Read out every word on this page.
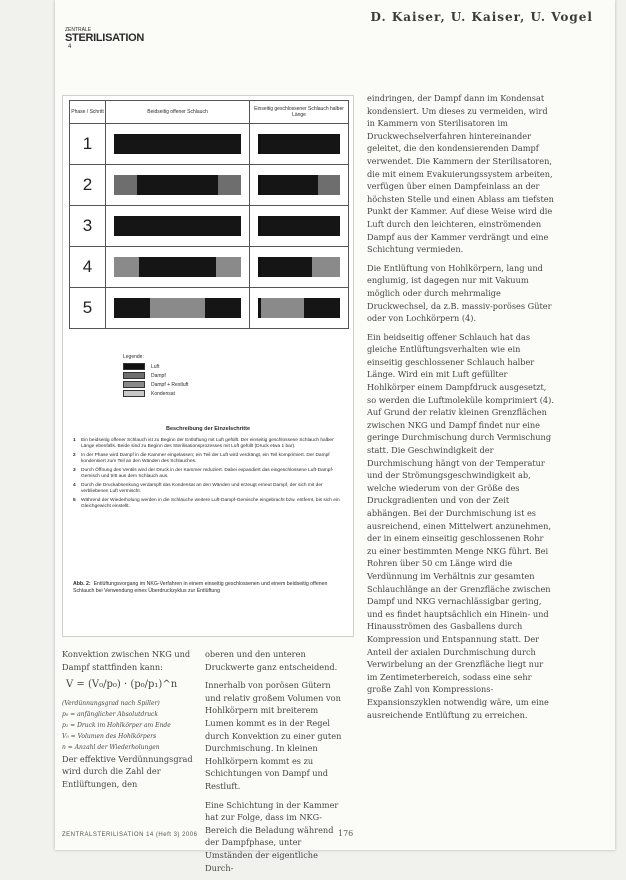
D. Kaiser, U. Kaiser, U. Vogel
ZENTRALE
STERILISATION
4
Phase / Schritt	Beidseitig offener Schlauch	Einseitig geschlossener Schlauch halber Länge
1
2
3
4
5
Legende:
Luft
Dampf
Dampf + Restluft
Kondensat
Beschreibung der Einzelschritte
1	Ein beidseitig offener Schlauch ist zu Beginn der Entlüftung mit Luft gefüllt. Der einseitig geschlossene Schlauch halber Länge ebenfalls. Beide sind zu Beginn des Sterilisationsprozesses mit Luft gefüllt (Druck etwa 1 bar).
2	In der Phase wird Dampf in die Kammer eingelassen; ein Teil der Luft wird verdrängt, ein Teil komprimiert. Der Dampf kondensiert zum Teil an den Wänden des Schlauches.
3	Durch Öffnung des Ventils wird der Druck in der Kammer reduziert. Dabei expandiert das eingeschlossene Luft-Dampf-Gemisch und tritt aus dem Schlauch aus.
4	Durch die Druckabsenkung verdampft das Kondensat an den Wänden und erzeugt erneut Dampf, der sich mit der verbliebenen Luft vermischt.
5	Während der Wiederholung werden in die Schläuche weitere Luft-Dampf-Gemische eingebracht bzw. entfernt, bis sich ein Gleichgewicht einstellt.
Abb. 2: Entlüftungsvorgang im NKG-Verfahren in einem einseitig geschlossenen und einem beidseitig offenen Schlauch bei Verwendung eines Überdruckzyklus zur Entlüftung

eindringen, der Dampf dann im Kondensat kondensiert. Um dieses zu vermeiden, wird in Kammern von Sterilisatoren im Druckwechselverfahren hintereinander geleitet, die den kondensierenden Dampf verwendet. Die Kammern der Sterilisatoren, die mit einem Evakuierungssystem arbeiten, verfügen über einen Dampfeinlass an der höchsten Stelle und einen Ablass am tiefsten Punkt der Kammer. Auf diese Weise wird die Luft durch den leichteren, einströmenden Dampf aus der Kammer verdrängt und eine Schichtung vermieden.

Die Entlüftung von Hohlkörpern, lang und englumig, ist dagegen nur mit Vakuum möglich oder durch mehrmalige Druckwechsel, da z.B. massiv-poröses Güter oder von Lochkörpern (4).

Ein beidseitig offener Schlauch hat das gleiche Entlüftungsverhalten wie ein einseitig geschlossener Schlauch halber Länge. Wird ein mit Luft gefüllter Hohlkörper einem Dampfdruck ausgesetzt, so werden die Luftmoleküle komprimiert (4). Auf Grund der relativ kleinen Grenzflächen zwischen NKG und Dampf findet nur eine geringe Durchmischung durch Vermischung statt. Die Geschwindigkeit der Durchmischung hängt von der Temperatur und der Strömungsgeschwindigkeit ab, welche wiederum von der Größe des Druckgradienten und von der Zeit abhängen. Bei der Durchmischung ist es ausreichend, einen Mittelwert anzunehmen, der in einem einseitig geschlossenen Rohr zu einer bestimmten Menge NKG führt. Bei Rohren über 50 cm Länge wird die Verdünnung im Verhältnis zur gesamten Schlauchlänge an der Grenzfläche zwischen Dampf und NKG vernachlässigbar gering, und es findet hauptsächlich ein Hinein- und Hinausströmen des Gasballens durch Kompression und Entspannung statt. Der Anteil der axialen Durchmischung durch Verwirbelung an der Grenzfläche liegt nur im Zentimeterbereich, sodass eine sehr große Zahl von Kompressions-Expansionszyklen notwendig wäre, um eine ausreichende Entlüftung zu erreichen.

Konvektion zwischen NKG und Dampf stattfinden kann:

V = (V₀/p₀) · (p₀/p₁)^n
(Verdünnungsgrad nach Spiller)
p₀ = anfänglicher Absolutdruck
p₁ = Druck im Hohlkörper am Ende
V₀ = Volumen des Hohlkörpers
n = Anzahl der Wiederholungen

Der effektive Verdünnungsgrad wird durch die Zahl der Entlüftungen, den

oberen und den unteren Druckwerte ganz entscheidend.

Innerhalb von porösen Gütern und relativ großem Volumen von Hohlkörpern mit breiterem Lumen kommt es in der Regel durch Konvektion zu einer guten Durchmischung. In kleinen Hohlkörpern kommt es zu Schichtungen von Dampf und Restluft.

Eine Schichtung in der Kammer hat zur Folge, dass im NKG-Bereich die Beladung während der Dampfphase, unter Umständen der eigentliche Durch-

ZENTRALSTERILISATION 14 (Heft 3) 2006	176
